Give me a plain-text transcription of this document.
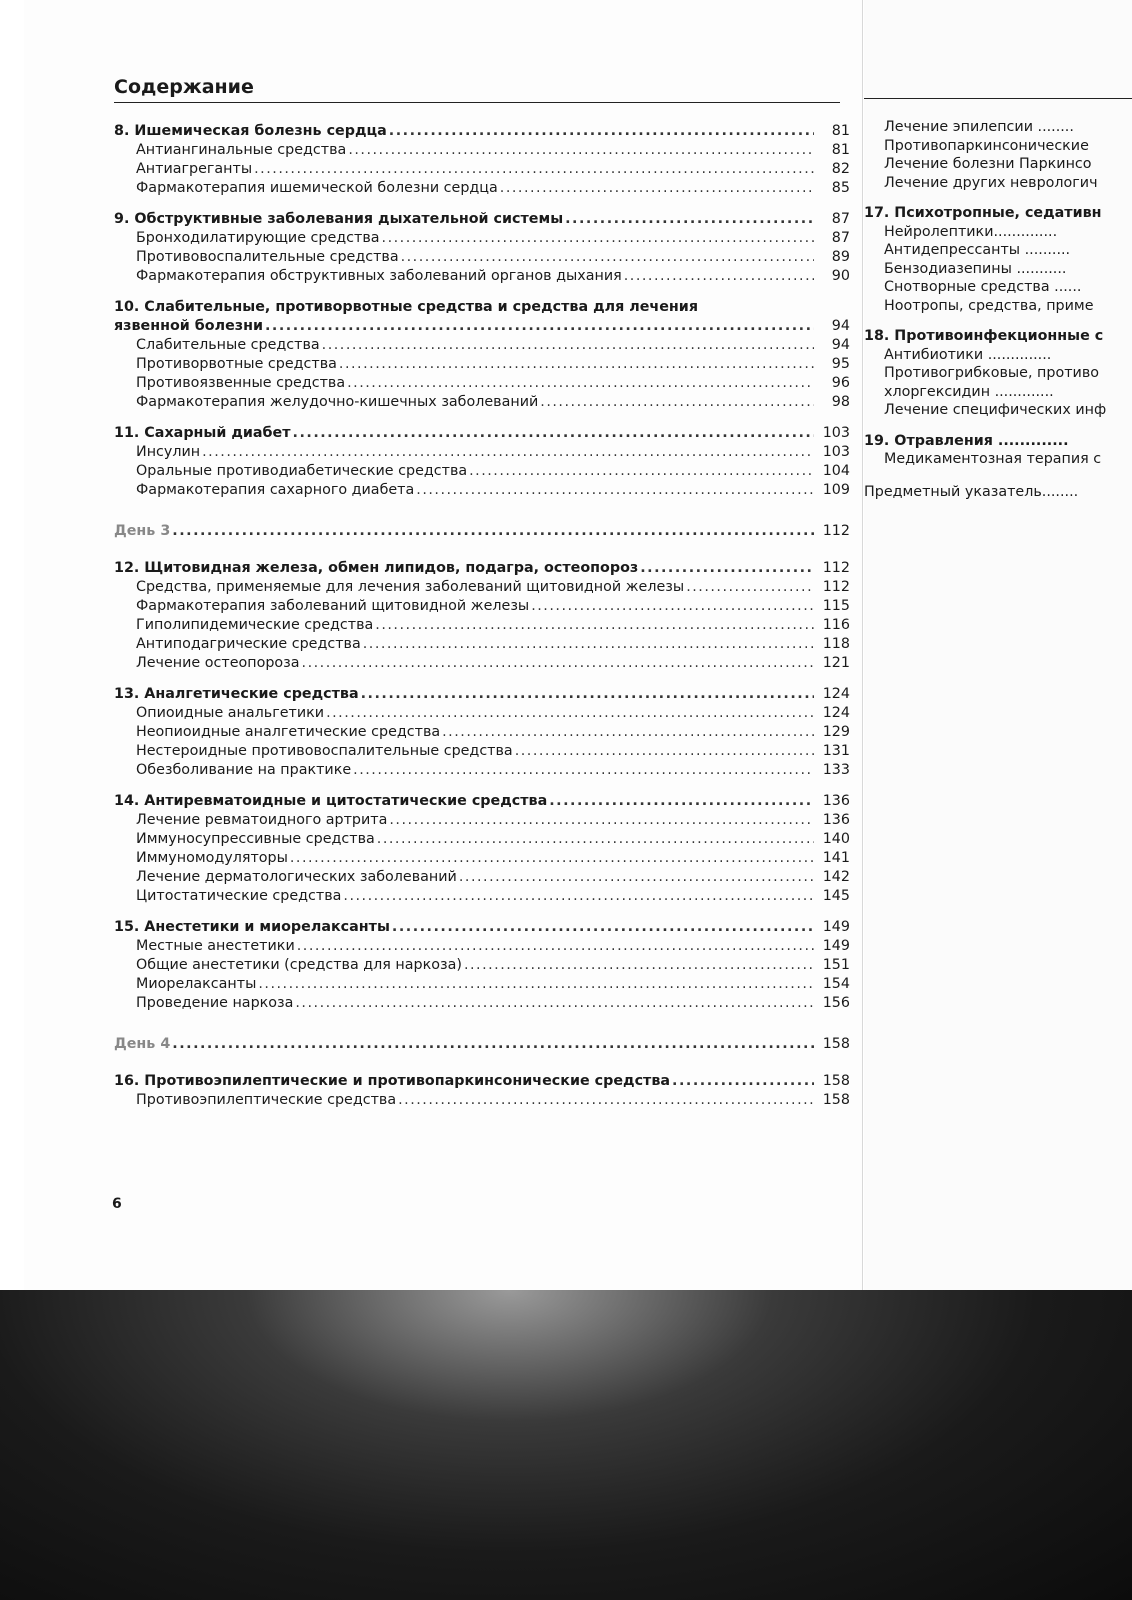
Содержание
8. Ишемическая болезнь сердца .....	81
Антиангинальные средства .....	81
Антиагреганты .....	82
Фармакотерапия ишемической болезни сердца .....	85
9. Обструктивные заболевания дыхательной системы .....	87
Бронходилатирующие средства .....	87
Противовоспалительные средства .....	89
Фармакотерапия обструктивных заболеваний органов дыхания .....	90
10. Слабительные, противорвотные средства и средства для лечения
язвенной болезни .....	94
Слабительные средства .....	94
Противорвотные средства .....	95
Противоязвенные средства .....	96
Фармакотерапия желудочно-кишечных заболеваний .....	98
11. Сахарный диабет .....	103
Инсулин .....	103
Оральные противодиабетические средства .....	104
Фармакотерапия сахарного диабета .....	109
День 3 .....	112
12. Щитовидная железа, обмен липидов, подагра, остеопороз .....	112
Средства, применяемые для лечения заболеваний щитовидной железы .....	112
Фармакотерапия заболеваний щитовидной железы .....	115
Гиполипидемические средства .....	116
Антиподагрические средства .....	118
Лечение остеопороза .....	121
13. Аналгетические средства .....	124
Опиоидные анальгетики .....	124
Неопиоидные аналгетические средства .....	129
Нестероидные противовоспалительные средства .....	131
Обезболивание на практике .....	133
14. Антиревматоидные и цитостатические средства .....	136
Лечение ревматоидного артрита .....	136
Иммуносупрессивные средства .....	140
Иммуномодуляторы .....	141
Лечение дерматологических заболеваний .....	142
Цитостатические средства .....	145
15. Анестетики и миорелаксанты .....	149
Местные анестетики .....	149
Общие анестетики (средства для наркоза) .....	151
Миорелаксанты .....	154
Проведение наркоза .....	156
День 4 .....	158
16. Противоэпилептические и противопаркинсонические средства .....	158
Противоэпилептические средства .....	158
6
Лечение эпилепсии ........
Противопаркинсонические
Лечение болезни Паркинсо
Лечение других неврологич
17. Психотропные, седативн
Нейролептики..............
Антидепрессанты ..........
Бензодиазепины ...........
Снотворные средства ......
Ноотропы, средства, приме
18. Противоинфекционные с
Антибиотики ..............
Противогрибковые, противо
хлоргексидин .............
Лечение специфических инф
19. Отравления .............
Медикаментозная терапия с
Предметный указатель........
